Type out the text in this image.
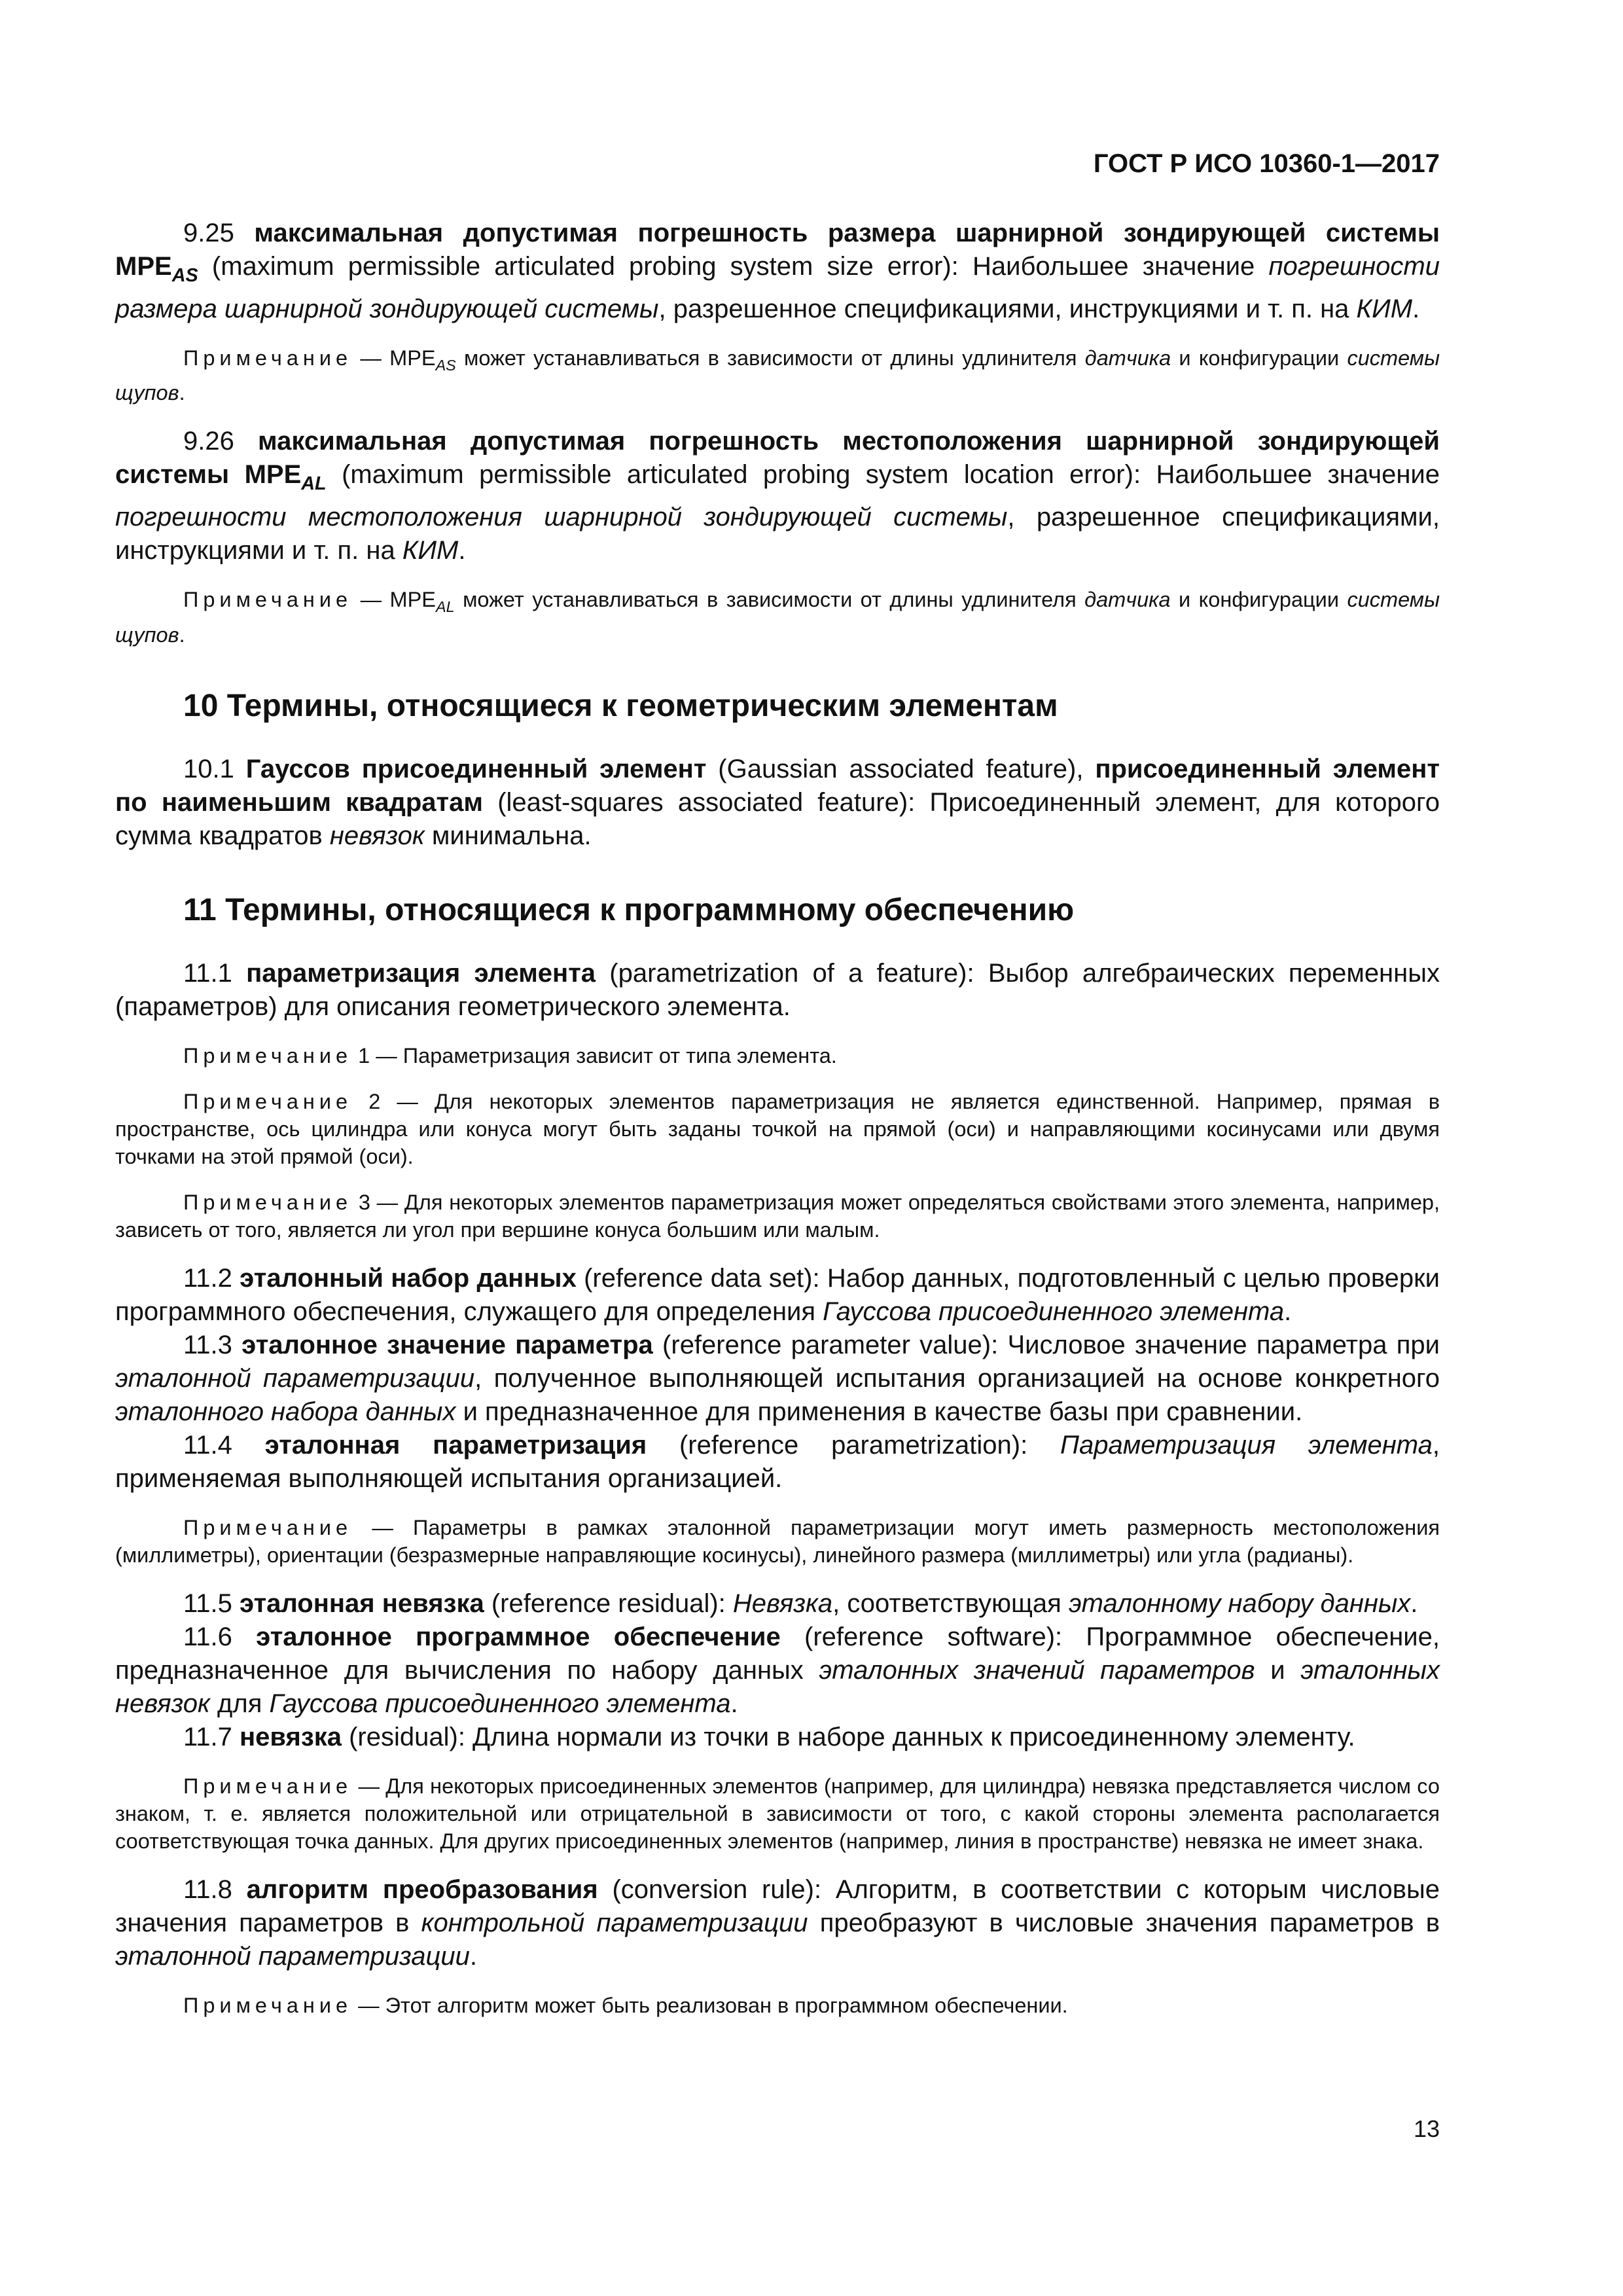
ГОСТ Р ИСО 10360-1—2017

9.25 максимальная допустимая погрешность размера шарнирной зондирующей системы $MPE_{AS}$ (maximum permissible articulated probing system size error): Наибольшее значение погрешности размера шарнирной зондирующей системы, разрешенное спецификациями, инструкциями и т. п. на КИМ.

Примечание — $MPE_{AS}$ может устанавливаться в зависимости от длины удлинителя датчика и конфигурации системы щупов.

9.26 максимальная допустимая погрешность местоположения шарнирной зондирующей системы $MPE_{AL}$ (maximum permissible articulated probing system location error): Наибольшее значение погрешности местоположения шарнирной зондирующей системы, разрешенное спецификациями, инструкциями и т. п. на КИМ.

Примечание — $MPE_{AL}$ может устанавливаться в зависимости от длины удлинителя датчика и конфигурации системы щупов.

10 Термины, относящиеся к геометрическим элементам

10.1 Гауссов присоединенный элемент (Gaussian associated feature), присоединенный элемент по наименьшим квадратам (least-squares associated feature): Присоединенный элемент, для которого сумма квадратов невязок минимальна.

11 Термины, относящиеся к программному обеспечению

11.1 параметризация элемента (parametrization of a feature): Выбор алгебраических переменных (параметров) для описания геометрического элемента.

Примечание 1 — Параметризация зависит от типа элемента.

Примечание 2 — Для некоторых элементов параметризация не является единственной. Например, прямая в пространстве, ось цилиндра или конуса могут быть заданы точкой на прямой (оси) и направляющими косинусами или двумя точками на этой прямой (оси).

Примечание 3 — Для некоторых элементов параметризация может определяться свойствами этого элемента, например, зависеть от того, является ли угол при вершине конуса большим или малым.

11.2 эталонный набор данных (reference data set): Набор данных, подготовленный с целью проверки программного обеспечения, служащего для определения Гауссова присоединенного элемента.

11.3 эталонное значение параметра (reference parameter value): Числовое значение параметра при эталонной параметризации, полученное выполняющей испытания организацией на основе конкретного эталонного набора данных и предназначенное для применения в качестве базы при сравнении.

11.4 эталонная параметризация (reference parametrization): Параметризация элемента, применяемая выполняющей испытания организацией.

Примечание — Параметры в рамках эталонной параметризации могут иметь размерность местоположения (миллиметры), ориентации (безразмерные направляющие косинусы), линейного размера (миллиметры) или угла (радианы).

11.5 эталонная невязка (reference residual): Невязка, соответствующая эталонному набору данных.

11.6 эталонное программное обеспечение (reference software): Программное обеспечение, предназначенное для вычисления по набору данных эталонных значений параметров и эталонных невязок для Гауссова присоединенного элемента.

11.7 невязка (residual): Длина нормали из точки в наборе данных к присоединенному элементу.

Примечание — Для некоторых присоединенных элементов (например, для цилиндра) невязка представляется числом со знаком, т. е. является положительной или отрицательной в зависимости от того, с какой стороны элемента располагается соответствующая точка данных. Для других присоединенных элементов (например, линия в пространстве) невязка не имеет знака.

11.8 алгоритм преобразования (conversion rule): Алгоритм, в соответствии с которым числовые значения параметров в контрольной параметризации преобразуют в числовые значения параметров в эталонной параметризации.

Примечание — Этот алгоритм может быть реализован в программном обеспечении.

13
